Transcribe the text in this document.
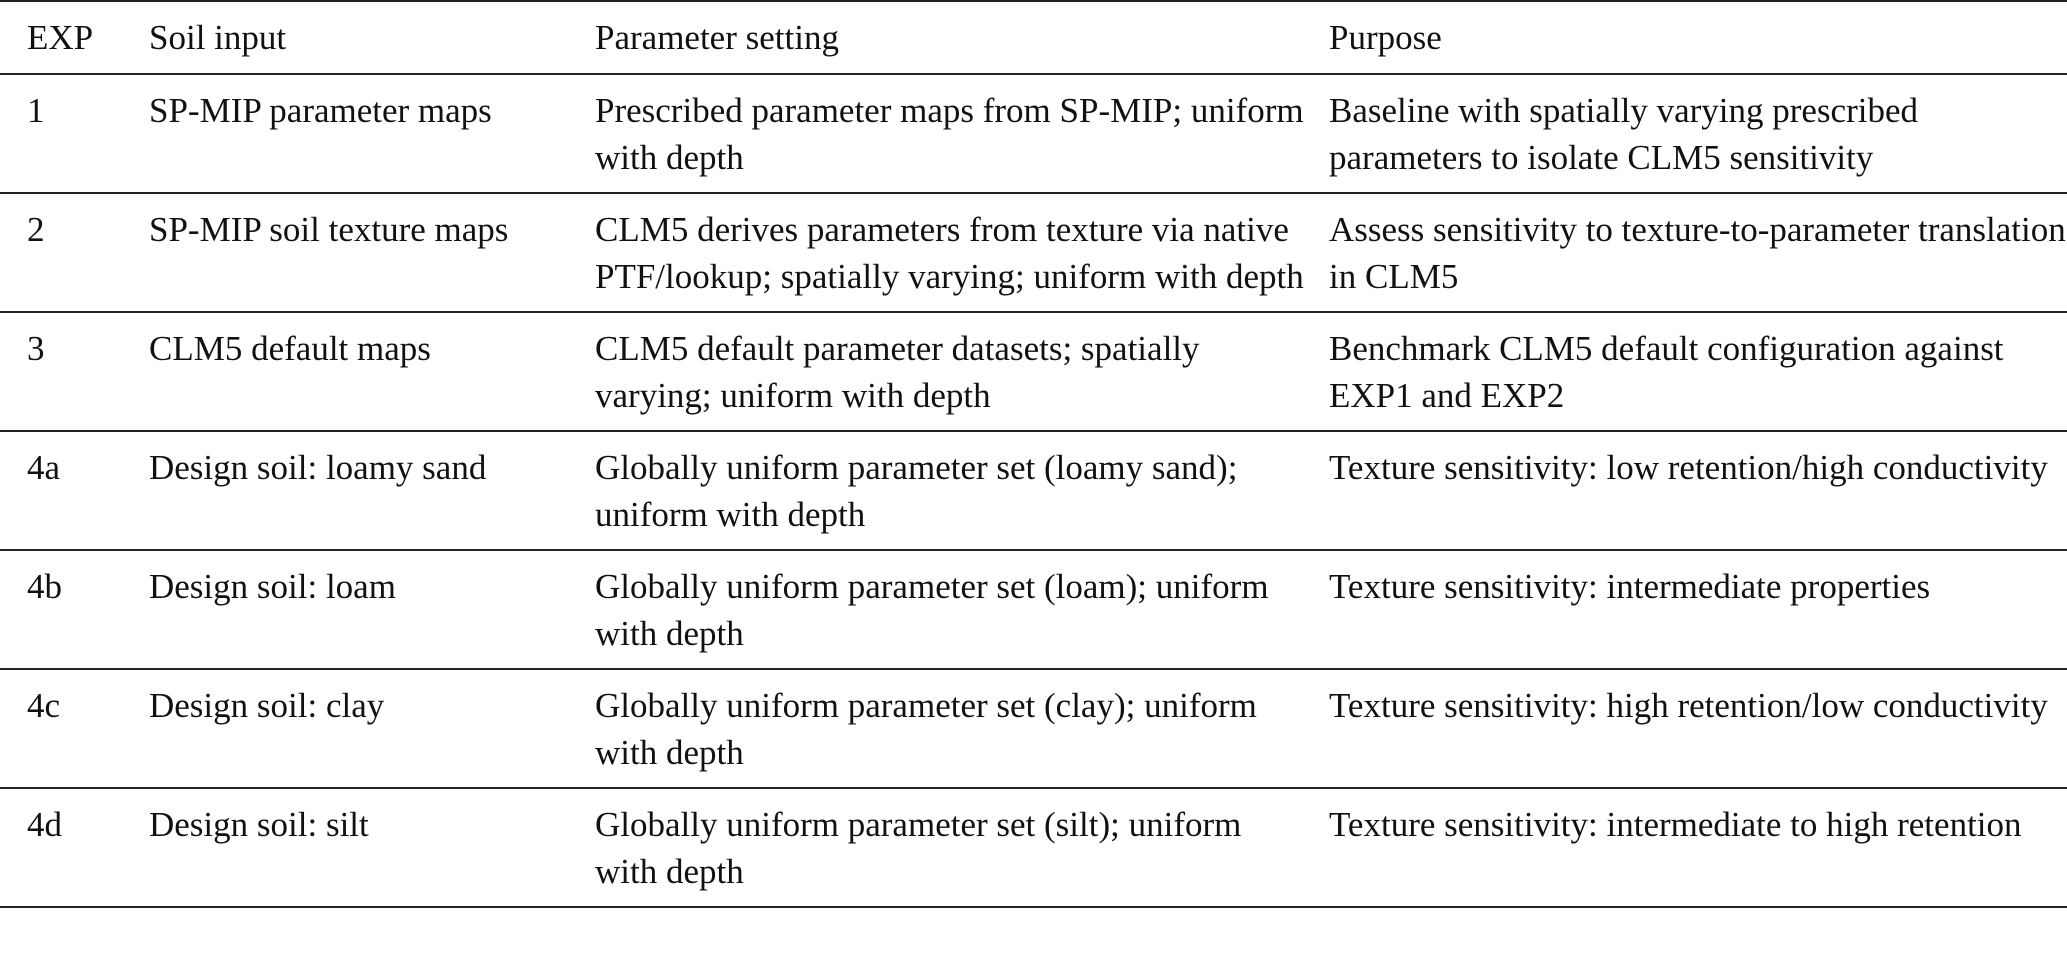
EXP	Soil input	Parameter setting	Purpose
1	SP-MIP parameter maps	Prescribed parameter maps from SP-MIP; uniform with depth	Baseline with spatially varying prescribed parameters to isolate CLM5 sensitivity
2	SP-MIP soil texture maps	CLM5 derives parameters from texture via native PTF/lookup; spatially varying; uniform with depth	Assess sensitivity to texture-to-parameter translation in CLM5
3	CLM5 default maps	CLM5 default parameter datasets; spatially varying; uniform with depth	Benchmark CLM5 default configuration against EXP1 and EXP2
4a	Design soil: loamy sand	Globally uniform parameter set (loamy sand); uniform with depth	Texture sensitivity: low retention/high conductivity
4b	Design soil: loam	Globally uniform parameter set (loam); uniform with depth	Texture sensitivity: intermediate properties
4c	Design soil: clay	Globally uniform parameter set (clay); uniform with depth	Texture sensitivity: high retention/low conductivity
4d	Design soil: silt	Globally uniform parameter set (silt); uniform with depth	Texture sensitivity: intermediate to high retention
